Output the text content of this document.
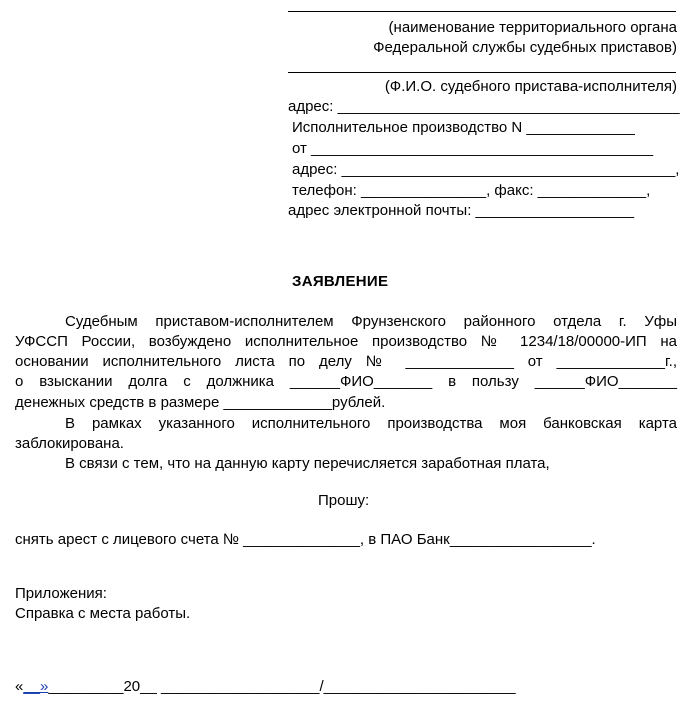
(наименование территориального органа
Федеральной службы судебных приставов)
(Ф.И.О. судебного пристава-исполнителя)
адрес: _________________________________________
Исполнительное производство N _____________
от _________________________________________
адрес: ________________________________________,
телефон: _______________, факс: _____________,
адрес электронной почты: ___________________
ЗАЯВЛЕНИЕ
Судебным приставом-исполнителем Фрунзенского районного отдела г. Уфы
УФССП России, возбуждено исполнительное производство № 1234/18/00000-ИП на
основании исполнительного листа по делу № _____________ от _____________г.,
о взыскании долга с должника ______ФИО_______ в пользу ______ФИО_______
денежных средств в размере _____________рублей.
В рамках указанного исполнительного производства моя банковская карта
заблокирована.
В связи с тем, что на данную карту перечисляется заработная плата,
Прошу:
снять арест с лицевого счета № ______________, в ПАО Банк_________________.
Приложения:
Справка с места работы.
«__»_________20__ ___________________/_______________________
